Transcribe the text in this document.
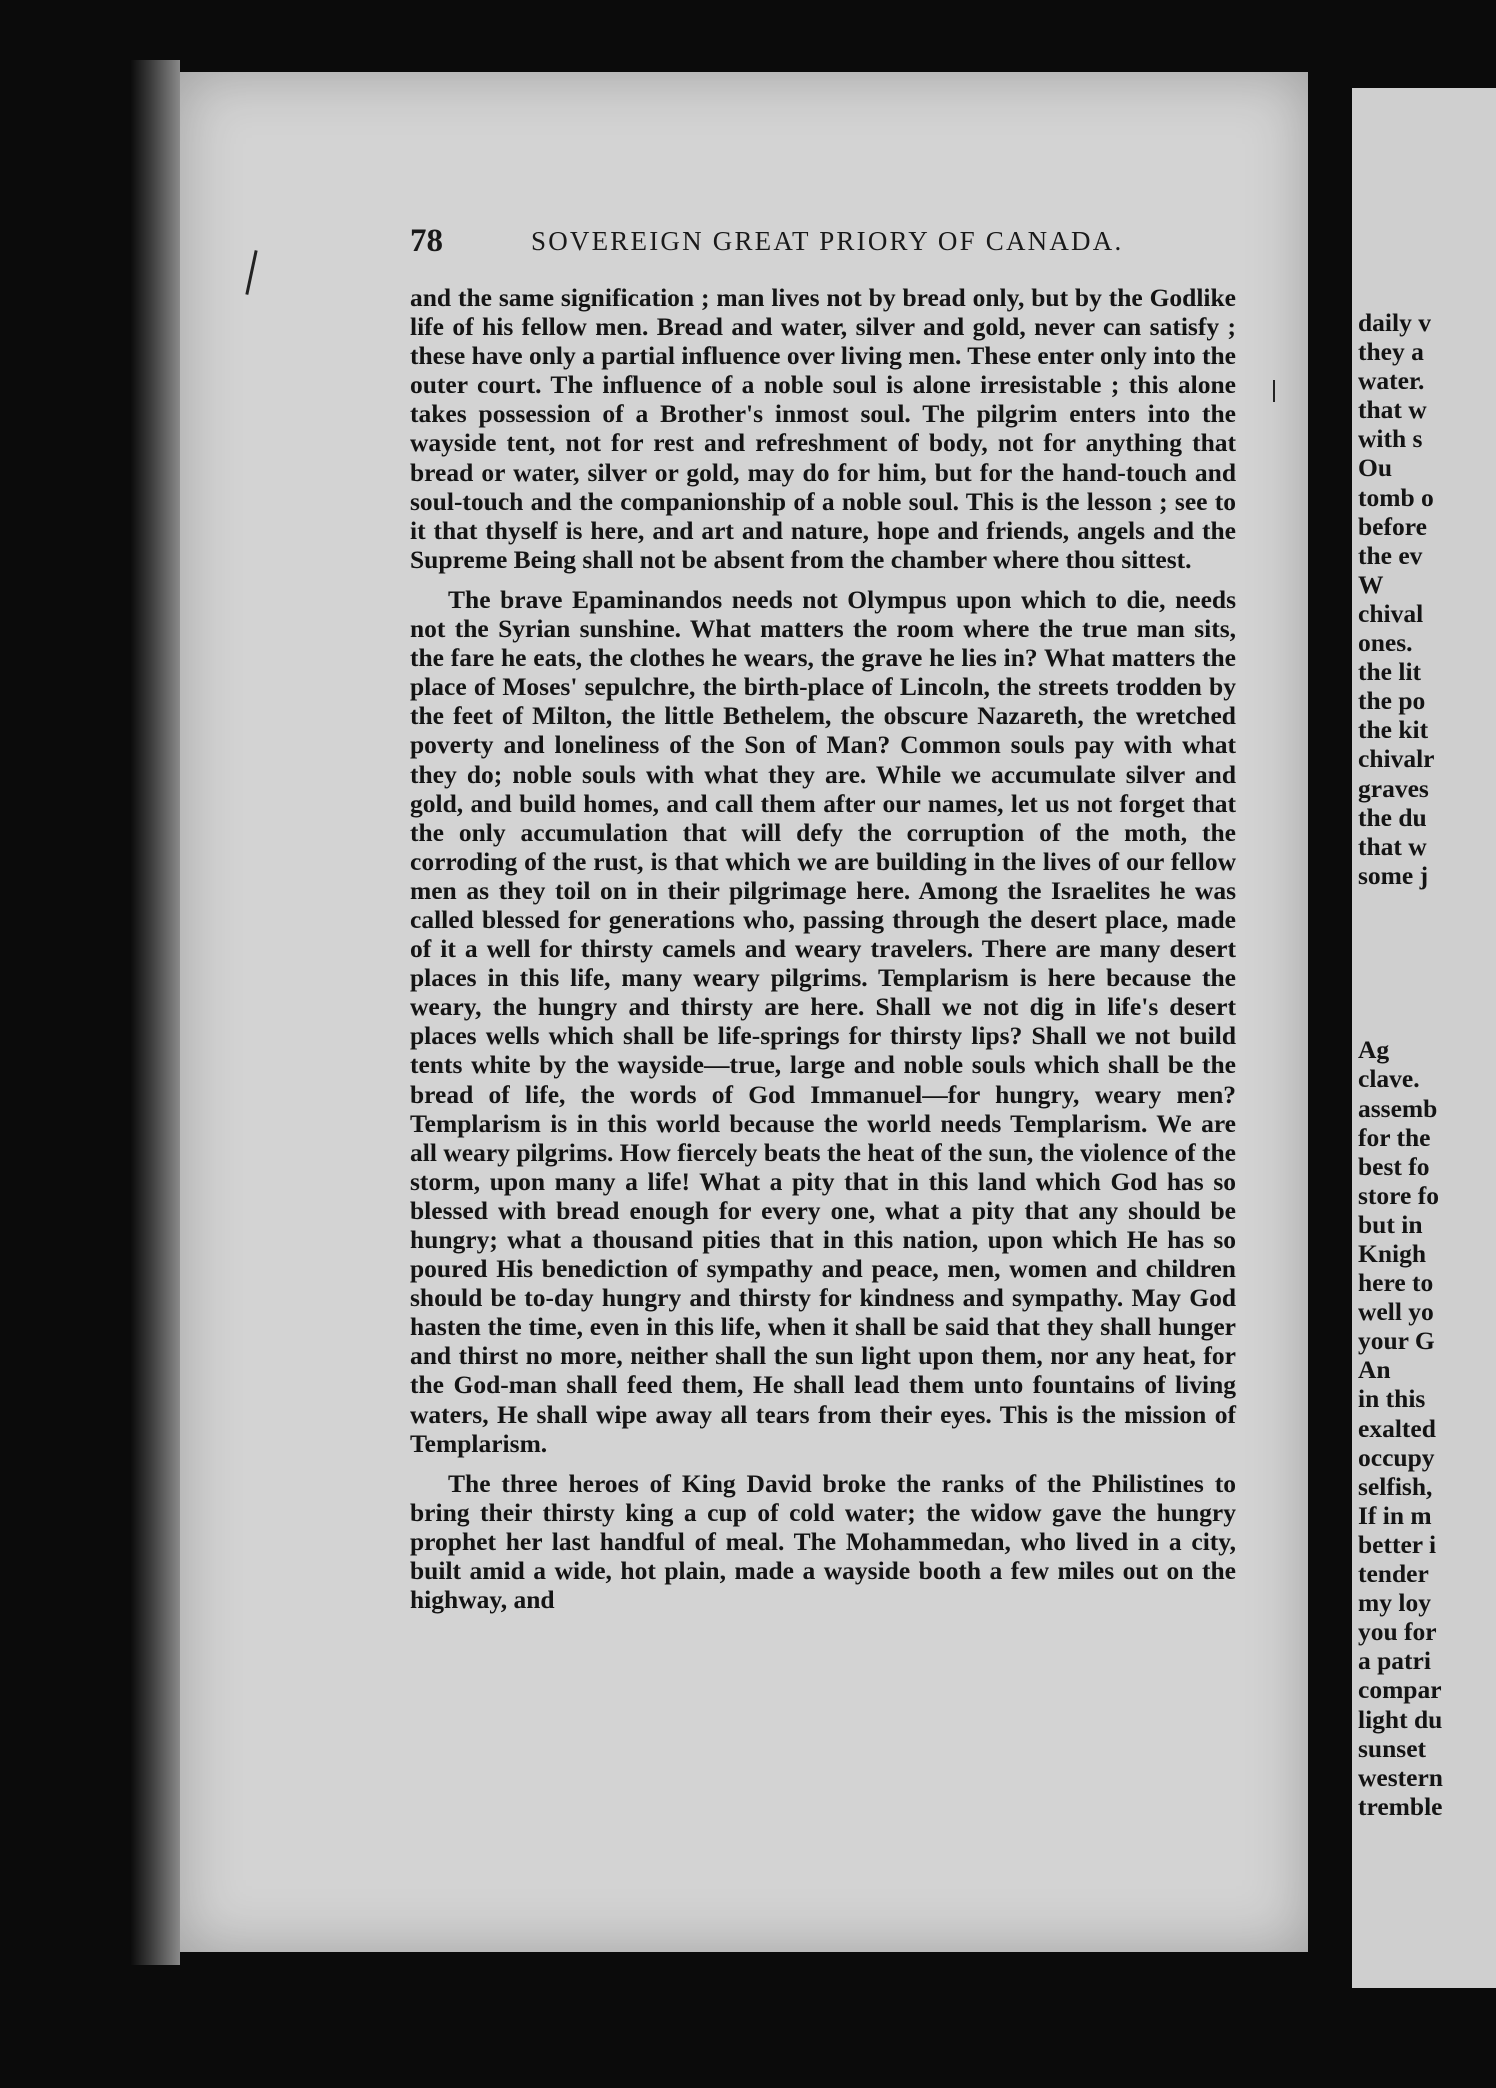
78	SOVEREIGN GREAT PRIORY OF CANADA.

and the same signification ; man lives not by bread only, but by the Godlike life of his fellow men. Bread and water, silver and gold, never can satisfy ; these have only a partial influence over living men. These enter only into the outer court. The influence of a noble soul is alone irresistable ; this alone takes possession of a Brother's inmost soul. The pilgrim enters into the wayside tent, not for rest and refreshment of body, not for anything that bread or water, silver or gold, may do for him, but for the hand-touch and soul-touch and the companionship of a noble soul. This is the lesson ; see to it that thyself is here, and art and nature, hope and friends, angels and the Supreme Being shall not be absent from the chamber where thou sittest.

The brave Epaminandos needs not Olympus upon which to die, needs not the Syrian sunshine. What matters the room where the true man sits, the fare he eats, the clothes he wears, the grave he lies in? What matters the place of Moses' sepulchre, the birth-place of Lincoln, the streets trodden by the feet of Milton, the little Bethelem, the obscure Nazareth, the wretched poverty and loneliness of the Son of Man? Common souls pay with what they do; noble souls with what they are. While we accumulate silver and gold, and build homes, and call them after our names, let us not forget that the only accumulation that will defy the corruption of the moth, the corroding of the rust, is that which we are building in the lives of our fellow men as they toil on in their pilgrimage here. Among the Israelites he was called blessed for generations who, passing through the desert place, made of it a well for thirsty camels and weary travelers. There are many desert places in this life, many weary pilgrims. Templarism is here because the weary, the hungry and thirsty are here. Shall we not dig in life's desert places wells which shall be life-springs for thirsty lips? Shall we not build tents white by the wayside—true, large and noble souls which shall be the bread of life, the words of God Immanuel—for hungry, weary men? Templarism is in this world because the world needs Templarism. We are all weary pilgrims. How fiercely beats the heat of the sun, the violence of the storm, upon many a life! What a pity that in this land which God has so blessed with bread enough for every one, what a pity that any should be hungry; what a thousand pities that in this nation, upon which He has so poured His benediction of sympathy and peace, men, women and children should be to-day hungry and thirsty for kindness and sympathy. May God hasten the time, even in this life, when it shall be said that they shall hunger and thirst no more, neither shall the sun light upon them, nor any heat, for the God-man shall feed them, He shall lead them unto fountains of living waters, He shall wipe away all tears from their eyes. This is the mission of Templarism.

The three heroes of King David broke the ranks of the Philistines to bring their thirsty king a cup of cold water; the widow gave the hungry prophet her last handful of meal. The Mohammedan, who lived in a city, built amid a wide, hot plain, made a wayside booth a few miles out on the highway, and

daily v
they a
water.
that w
with s
Ou
tomb o
before
the ev
W
chival
ones.
the lit
the po
the kit
chivalr
graves
the du
that w
some j
Ag
clave.
assemb
for the
best fo
store fo
but in
Knigh
here to
well yo
your G
An
in this
exalted
occupy
selfish,
If in m
better i
tender
my loy
you for
a patri
compar
light du
sunset
western
tremble
